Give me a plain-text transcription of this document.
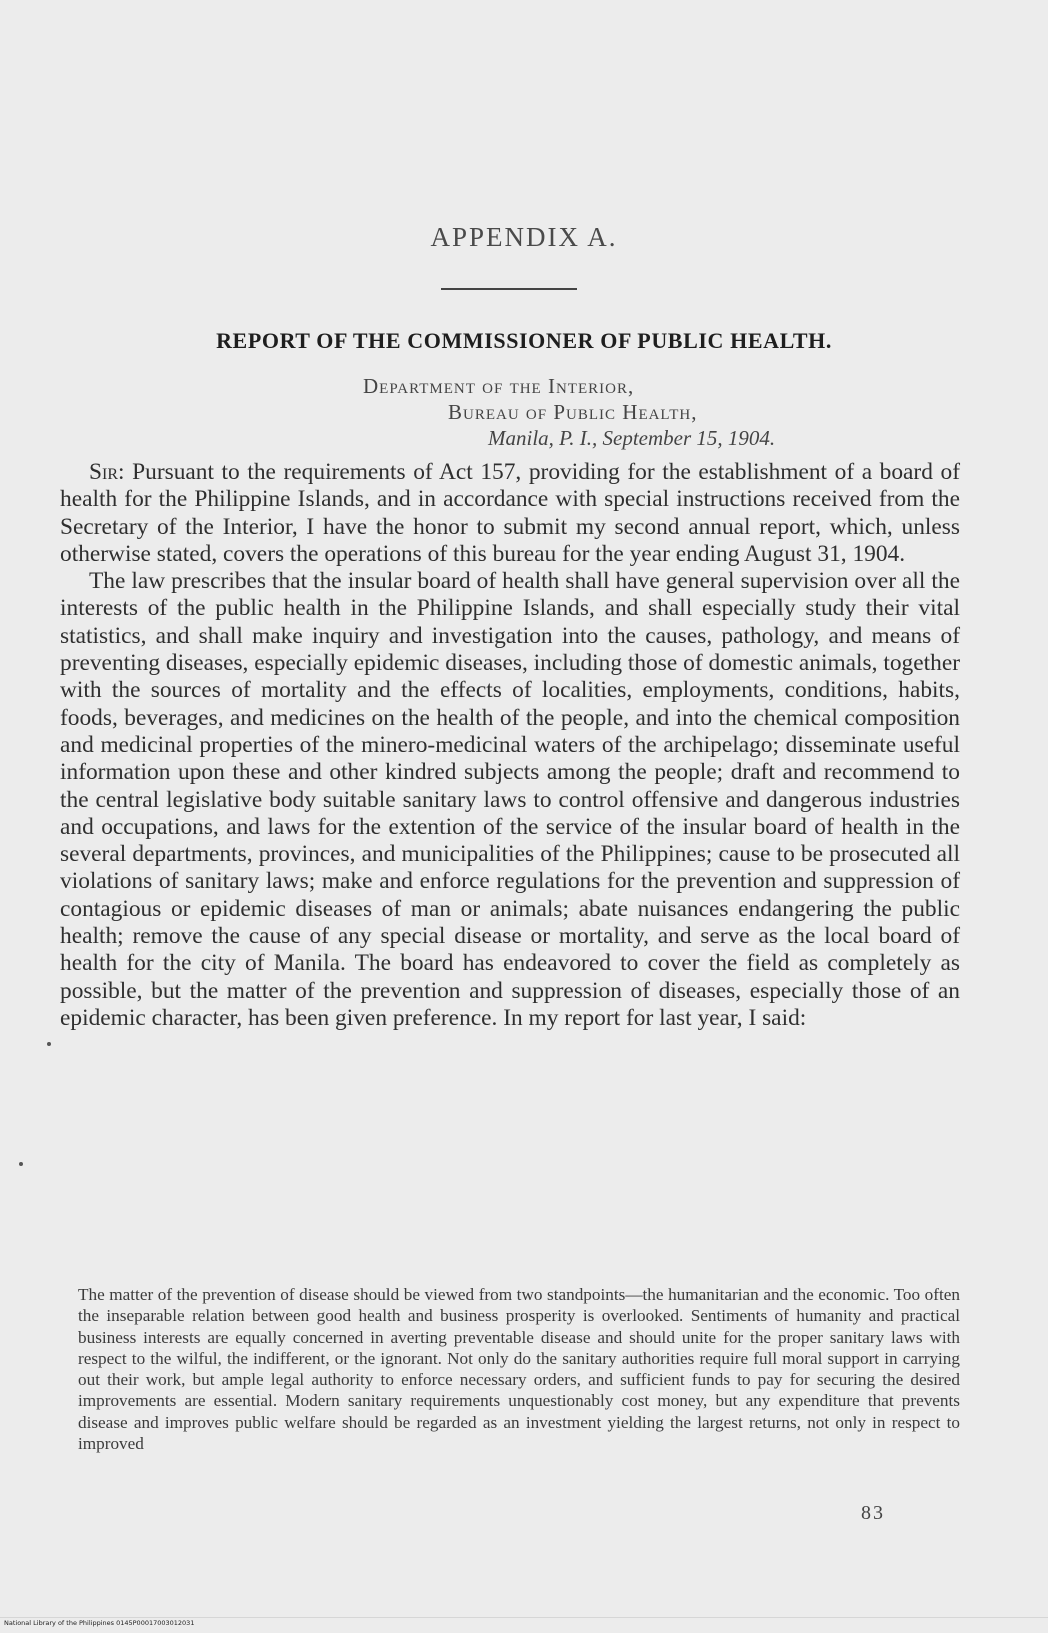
APPENDIX A.
REPORT OF THE COMMISSIONER OF PUBLIC HEALTH.
Department of the Interior,
Bureau of Public Health,
Manila, P. I., September 15, 1904.

Sir: Pursuant to the requirements of Act 157, providing for the establishment of a board of health for the Philippine Islands, and in accordance with special instructions received from the Secretary of the Interior, I have the honor to submit my second annual report, which, unless otherwise stated, covers the operations of this bureau for the year ending August 31, 1904.

The law prescribes that the insular board of health shall have general supervision over all the interests of the public health in the Philippine Islands, and shall especially study their vital statistics, and shall make inquiry and investigation into the causes, pathology, and means of preventing diseases, especially epidemic diseases, including those of domestic animals, together with the sources of mortality and the effects of localities, employments, conditions, habits, foods, beverages, and medicines on the health of the people, and into the chemical composition and medicinal properties of the minero-medicinal waters of the archipelago; disseminate useful information upon these and other kindred subjects among the people; draft and recommend to the central legislative body suitable sanitary laws to control offensive and dangerous industries and occupations, and laws for the extention of the service of the insular board of health in the several departments, provinces, and municipalities of the Philippines; cause to be prosecuted all violations of sanitary laws; make and enforce regulations for the prevention and suppression of contagious or epidemic diseases of man or animals; abate nuisances endangering the public health; remove the cause of any special disease or mortality, and serve as the local board of health for the city of Manila. The board has endeavored to cover the field as completely as possible, but the matter of the prevention and suppression of diseases, especially those of an epidemic character, has been given preference. In my report for last year, I said:

The matter of the prevention of disease should be viewed from two standpoints—the humanitarian and the economic. Too often the inseparable relation between good health and business prosperity is overlooked. Sentiments of humanity and practical business interests are equally concerned in averting preventable disease and should unite for the proper sanitary laws with respect to the wilful, the indifferent, or the ignorant. Not only do the sanitary authorities require full moral support in carrying out their work, but ample legal authority to enforce necessary orders, and sufficient funds to pay for securing the desired improvements are essential. Modern sanitary requirements unquestionably cost money, but any expenditure that prevents disease and improves public welfare should be regarded as an investment yielding the largest returns, not only in respect to improved

83
National Library of the Philippines 0145P00017003012031
